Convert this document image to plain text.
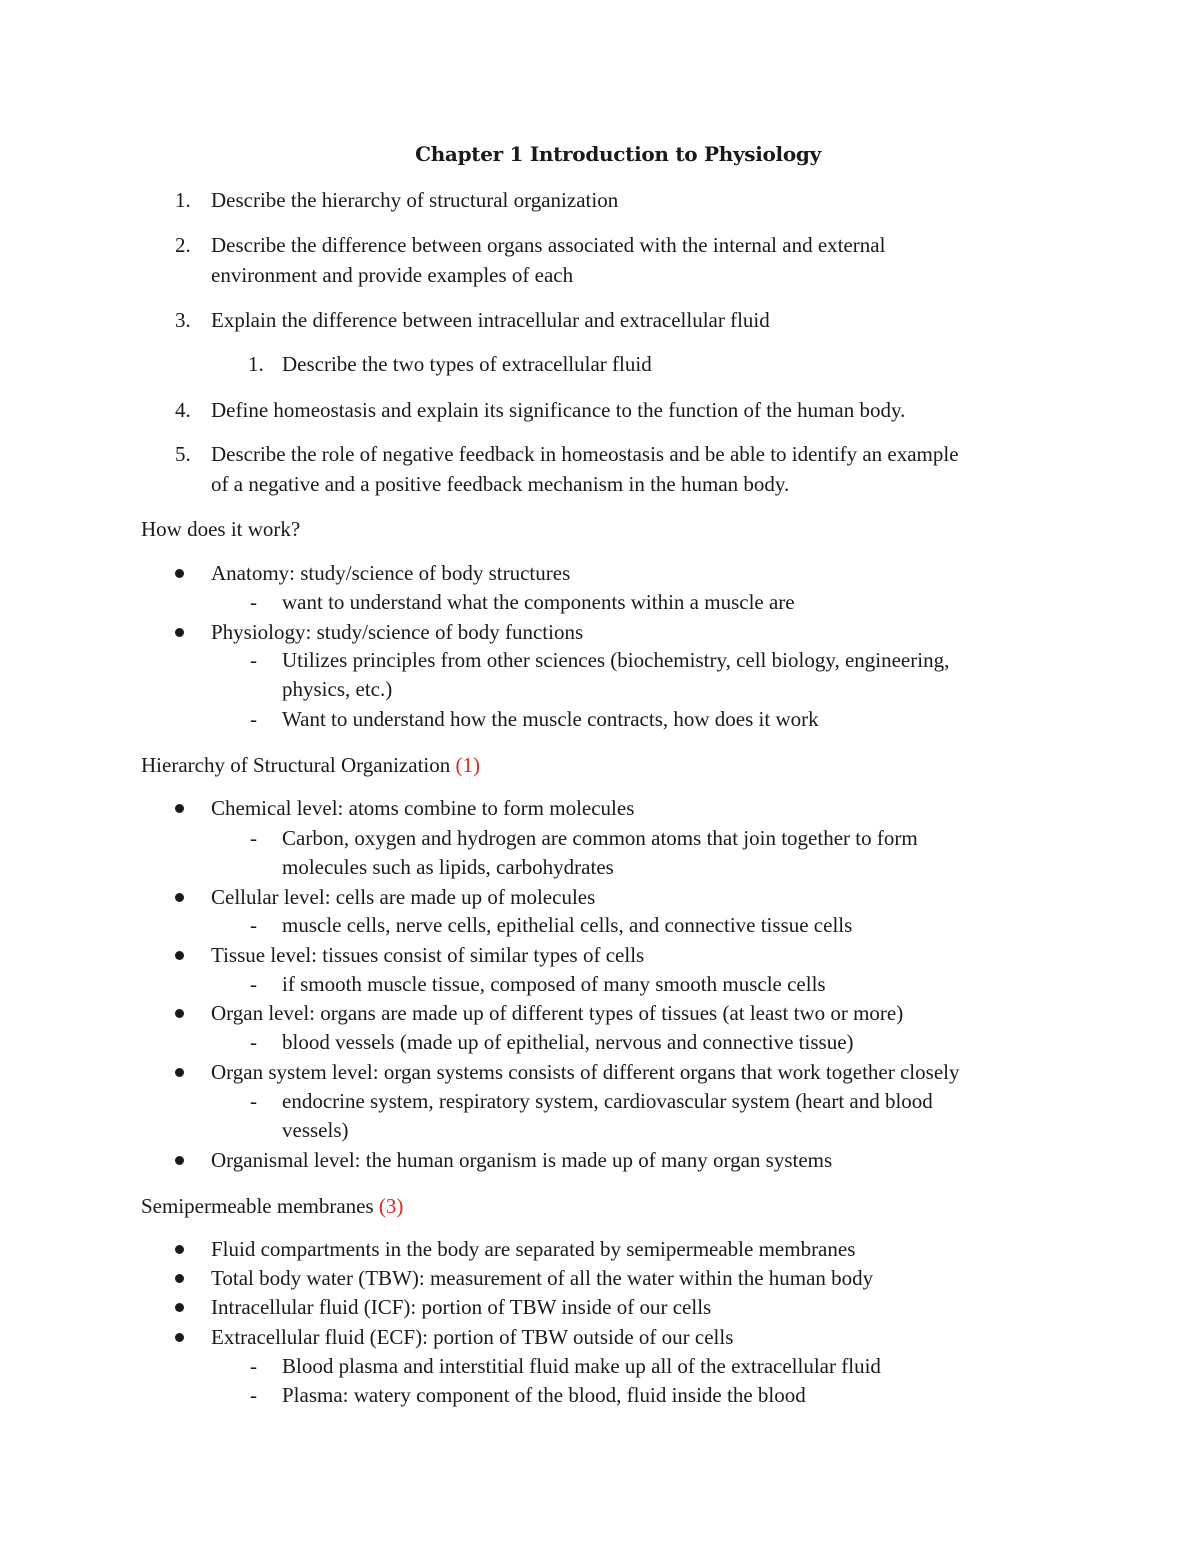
Chapter 1 Introduction to Physiology
1. Describe the hierarchy of structural organization
2. Describe the difference between organs associated with the internal and external
environment and provide examples of each
3. Explain the difference between intracellular and extracellular fluid
1. Describe the two types of extracellular fluid
4. Define homeostasis and explain its significance to the function of the human body.
5. Describe the role of negative feedback in homeostasis and be able to identify an example
of a negative and a positive feedback mechanism in the human body.
How does it work?
Anatomy: study/science of body structures
- want to understand what the components within a muscle are
Physiology: study/science of body functions
- Utilizes principles from other sciences (biochemistry, cell biology, engineering,
physics, etc.)
- Want to understand how the muscle contracts, how does it work
Hierarchy of Structural Organization (1)
Chemical level: atoms combine to form molecules
- Carbon, oxygen and hydrogen are common atoms that join together to form
molecules such as lipids, carbohydrates
Cellular level: cells are made up of molecules
- muscle cells, nerve cells, epithelial cells, and connective tissue cells
Tissue level: tissues consist of similar types of cells
- if smooth muscle tissue, composed of many smooth muscle cells
Organ level: organs are made up of different types of tissues (at least two or more)
- blood vessels (made up of epithelial, nervous and connective tissue)
Organ system level: organ systems consists of different organs that work together closely
- endocrine system, respiratory system, cardiovascular system (heart and blood
vessels)
Organismal level: the human organism is made up of many organ systems
Semipermeable membranes (3)
Fluid compartments in the body are separated by semipermeable membranes
Total body water (TBW): measurement of all the water within the human body
Intracellular fluid (ICF): portion of TBW inside of our cells
Extracellular fluid (ECF): portion of TBW outside of our cells
- Blood plasma and interstitial fluid make up all of the extracellular fluid
- Plasma: watery component of the blood, fluid inside the blood
